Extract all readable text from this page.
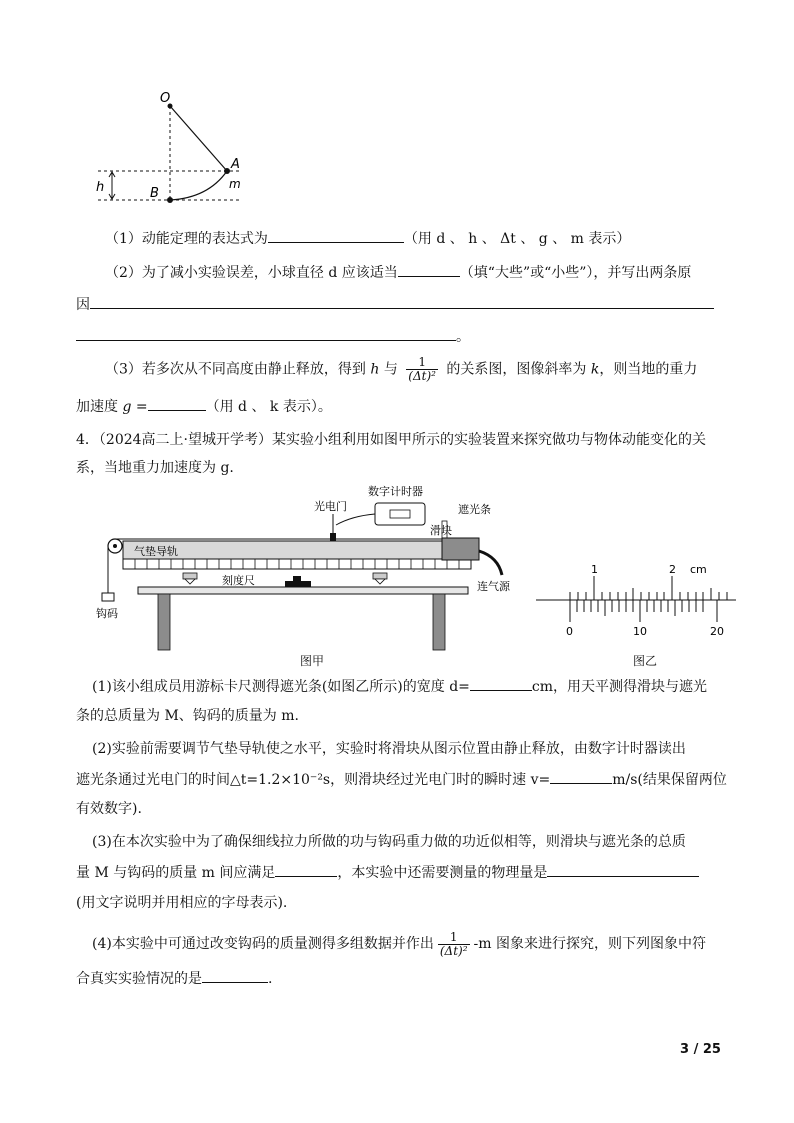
O
A
m
B
h
（1）动能定理的表达式为	（用 d 、 h 、 Δt 、 g 、 m 表示）
（2）为了减小实验误差，小球直径 d 应该适当	（填“大些”或“小些”），并写出两条原
因
。
（3）若多次从不同高度由静止释放，得到 h 与 $\frac{1}{\text{(Δt)²}}$ 的关系图，图像斜率为 k，则当地的重力
加速度 g =	（用 d 、 k 表示）。
4．（2024高二上·望城开学考）某实验小组利用如图甲所示的实验装置来探究做功与物体动能变化的关
系，当地重力加速度为 g.
钩码
气垫导轨
刻度尺
光电门
数字计时器
遮光条
滑块
连气源
图甲
1	2 cm
0	10	20
图乙
(1)该小组成员用游标卡尺测得遮光条(如图乙所示)的宽度 d=	cm，用天平测得滑块与遮光
条的总质量为 M、钩码的质量为 m.
(2)实验前需要调节气垫导轨使之水平，实验时将滑块从图示位置由静止释放，由数字计时器读出
遮光条通过光电门的时间△t=1.2×10⁻²s，则滑块经过光电门时的瞬时速 v=	m/s(结果保留两位
有效数字).
(3)在本次实验中为了确保细线拉力所做的功与钩码重力做的功近似相等，则滑块与遮光条的总质
量 M 与钩码的质量 m 间应满足	，本实验中还需要测量的物理量是
(用文字说明并用相应的字母表示).
(4)本实验中可通过改变钩码的质量测得多组数据并作出 $\frac{1}{\text{(Δt)²}} -m$ 图象来进行探究，则下列图象中符
合真实实验情况的是	.
3 / 25
